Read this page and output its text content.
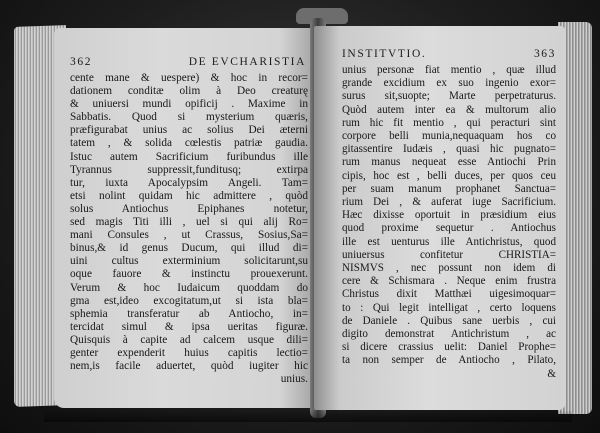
362	DE EVCHARISTIA
cente mane & uespere) & hoc in recor=
dationem conditæ olim à Deo creaturę
& uniuersi mundi opificij . Maxime in
Sabbatis. Quod si mysterium quæris,
præfigurabat unius ac solius Dei æterni
tatem , & solida cœlestis patriæ gaudia.
Istuc autem Sacrificium furibundus ille
Tyrannus suppressit,funditusq; extirpa
tur, iuxta Apocalypsim Angeli. Tam=
etsi nolint quidam hic admittere , quòd
solus Antiochus Epiphanes notetur,
sed magis Titi illi , uel si qui alij Ro=
mani Consules , ut Crassus, Sosius,Sa=
binus,& id genus Ducum, qui illud di=
uini cultus exterminium solicitarunt,su
oque fauore & instinctu prouexerunt.
Verum & hoc Iudaicum quoddam do
gma est,ideo excogitatum,ut si ista bla=
sphemia transferatur ab Antiocho, in=
tercidat simul & ipsa ueritas figuræ.
Quisquis à capite ad calcem usque dili=
genter expenderit huius capitis lectio=
nem,is facile aduertet, quòd iugiter hic
unius.
INSTITVTIO.	363
unius personæ fiat mentio , quæ illud
grande excidium ex suo ingenio exor=
surus sit,suopte; Marte perpetraturus.
Quòd autem inter ea & multorum alio
rum hic fit mentio , qui peracturi sint
corpore belli munia,nequaquam hos co
gitassentire Iudæis , quasi hic pugnato=
rum manus nequeat esse Antiochi Prin
cipis, hoc est , belli duces, per quos ceu
per suam manum prophanet Sanctua=
rium Dei , & auferat iuge Sacrificium.
Hæc dixisse oportuit in præsidium eius
quod proxime sequetur . Antiochus
ille est uenturus ille Antichristus, quod
uniuersus confitetur CHRISTIA=
NISMVS , nec possunt non idem di
cere & Schismara . Neque enim frustra
Christus dixit Matthæi uigesimoquar=
to : Qui legit intelligat , certo loquens
de Daniele . Quibus sane uerbis , cui
digito demonstrat Antichristum , ac
si dicere crassius uelit: Daniel Prophe=
ta non semper de Antiocho , Pilato,
&
